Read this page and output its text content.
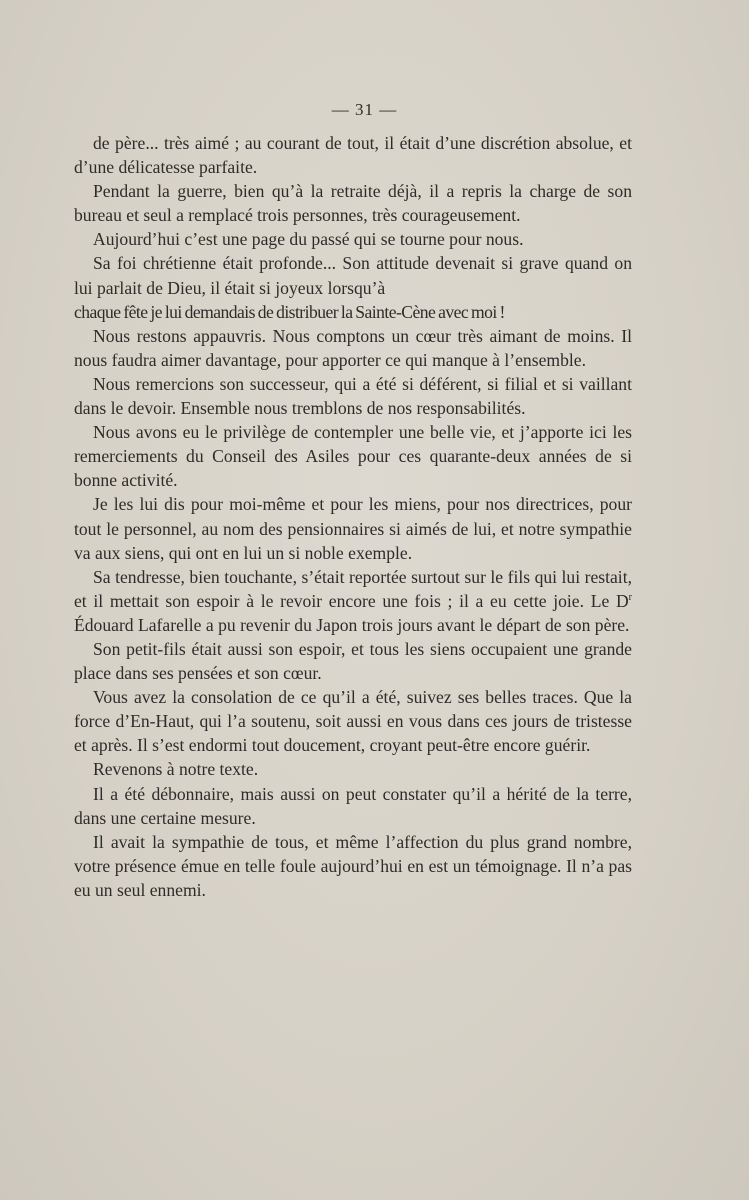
— 31 —

de père... très aimé ; au courant de tout, il était d’une discrétion absolue, et d’une délicatesse parfaite.

Pendant la guerre, bien qu’à la retraite déjà, il a repris la charge de son bureau et seul a remplacé trois personnes, très courageusement.

Aujourd’hui c’est une page du passé qui se tourne pour nous.

Sa foi chrétienne était profonde... Son attitude devenait si grave quand on lui parlait de Dieu, il était si joyeux lorsqu’à

chaque fête je lui demandais de distribuer la Sainte-Cène avec moi !

Nous restons appauvris. Nous comptons un cœur très aimant de moins. Il nous faudra aimer davantage, pour apporter ce qui manque à l’ensemble.

Nous remercions son successeur, qui a été si déférent, si filial et si vaillant dans le devoir. Ensemble nous tremblons de nos responsabilités.

Nous avons eu le privilège de contempler une belle vie, et j’apporte ici les remerciements du Conseil des Asiles pour ces quarante-deux années de si bonne activité.

Je les lui dis pour moi-même et pour les miens, pour nos directrices, pour tout le personnel, au nom des pensionnaires si aimés de lui, et notre sympathie va aux siens, qui ont en lui un si noble exemple.

Sa tendresse, bien touchante, s’était reportée surtout sur le fils qui lui restait, et il mettait son espoir à le revoir encore une fois ; il a eu cette joie. Le $D^r$ Édouard Lafarelle a pu revenir du Japon trois jours avant le départ de son père.

Son petit-fils était aussi son espoir, et tous les siens occupaient une grande place dans ses pensées et son cœur.

Vous avez la consolation de ce qu’il a été, suivez ses belles traces. Que la force d’En-Haut, qui l’a soutenu, soit aussi en vous dans ces jours de tristesse et après. Il s’est endormi tout doucement, croyant peut-être encore guérir.

Revenons à notre texte.

Il a été débonnaire, mais aussi on peut constater qu’il a hérité de la terre, dans une certaine mesure.

Il avait la sympathie de tous, et même l’affection du plus grand nombre, votre présence émue en telle foule aujourd’hui en est un témoignage. Il n’a pas eu un seul ennemi.
